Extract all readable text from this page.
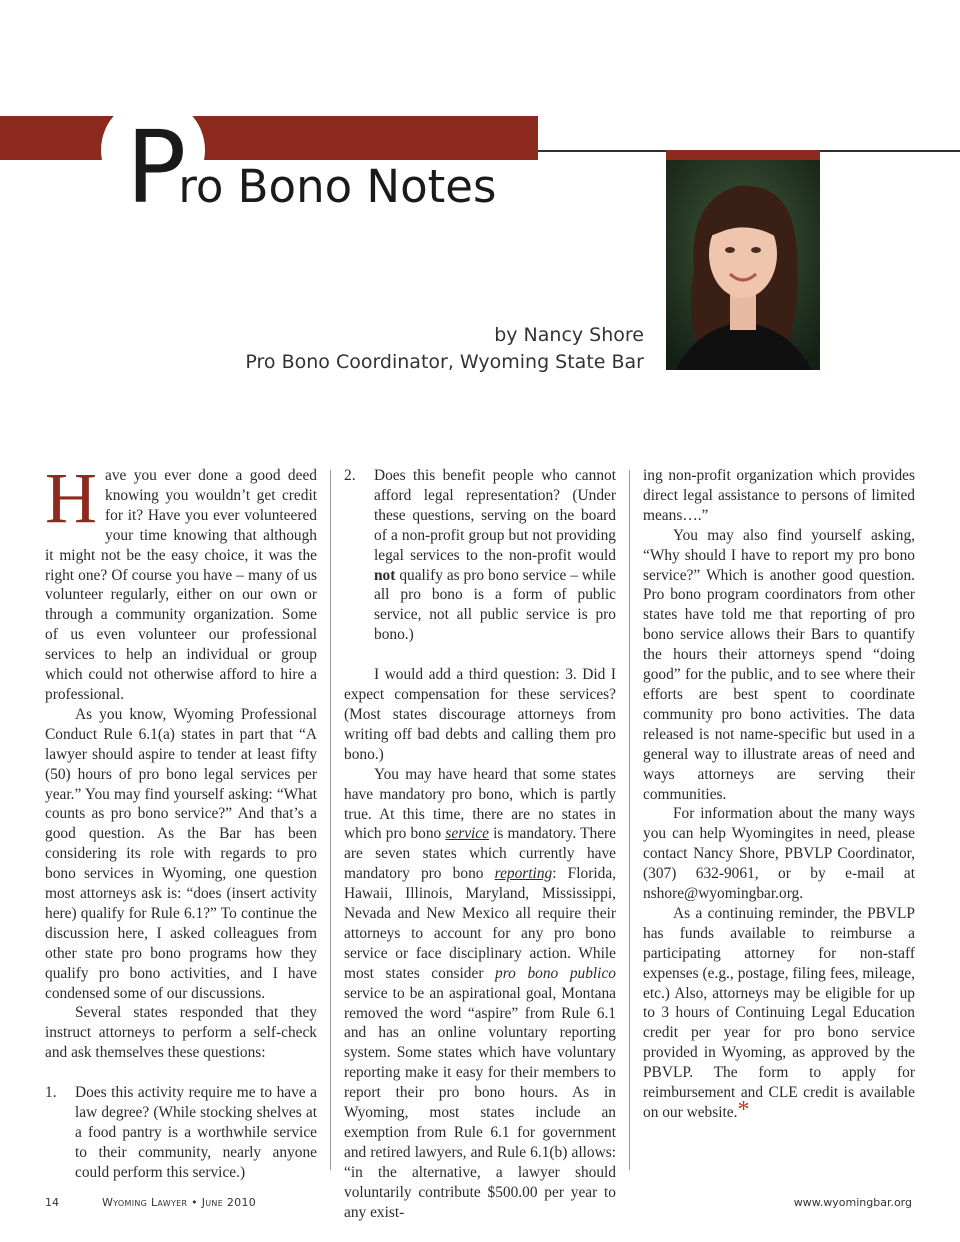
Pro Bono Notes
by Nancy Shore
Pro Bono Coordinator, Wyoming State Bar

Have you ever done a good deed knowing you wouldn’t get credit for it? Have you ever volunteered your time knowing that although it might not be the easy choice, it was the right one? Of course you have – many of us volunteer regularly, either on our own or through a community organization. Some of us even volunteer our professional services to help an individual or group which could not otherwise afford to hire a professional.

As you know, Wyoming Professional Conduct Rule 6.1(a) states in part that “A lawyer should aspire to tender at least fifty (50) hours of pro bono legal services per year.” You may find yourself asking: “What counts as pro bono service?” And that’s a good question. As the Bar has been considering its role with regards to pro bono services in Wyoming, one question most attorneys ask is: “does (insert activity here) qualify for Rule 6.1?” To continue the discussion here, I asked colleagues from other state pro bono programs how they qualify pro bono activities, and I have condensed some of our discussions.

Several states responded that they instruct attorneys to perform a self-check and ask themselves these questions:

1.	Does this activity require me to have a law degree? (While stocking shelves at a food pantry is a worthwhile service to their community, nearly anyone could perform this service.)
2.	Does this benefit people who cannot afford legal representation? (Under these questions, serving on the board of a non-profit group but not providing legal services to the non-profit would not qualify as pro bono service – while all pro bono is a form of public service, not all public service is pro bono.)

I would add a third question: 3. Did I expect compensation for these services? (Most states discourage attorneys from writing off bad debts and calling them pro bono.)

You may have heard that some states have mandatory pro bono, which is partly true. At this time, there are no states in which pro bono service is mandatory. There are seven states which currently have mandatory pro bono reporting: Florida, Hawaii, Illinois, Maryland, Mississippi, Nevada and New Mexico all require their attorneys to account for any pro bono service or face disciplinary action. While most states consider pro bono publico service to be an aspirational goal, Montana removed the word “aspire” from Rule 6.1 and has an online voluntary reporting system. Some states which have voluntary reporting make it easy for their members to report their pro bono hours. As in Wyoming, most states include an exemption from Rule 6.1 for government and retired lawyers, and Rule 6.1(b) allows: “in the alternative, a lawyer should voluntarily contribute $500.00 per year to any exist-

ing non-profit organization which provides direct legal assistance to persons of limited means….”

You may also find yourself asking, “Why should I have to report my pro bono service?” Which is another good question. Pro bono program coordinators from other states have told me that reporting of pro bono service allows their Bars to quantify the hours their attorneys spend “doing good” for the public, and to see where their efforts are best spent to coordinate community pro bono activities. The data released is not name-specific but used in a general way to illustrate areas of need and ways attorneys are serving their communities.

For information about the many ways you can help Wyomingites in need, please contact Nancy Shore, PBVLP Coordinator, (307) 632-9061, or by e-mail at nshore@wyomingbar.org.

As a continuing reminder, the PBVLP has funds available to reimburse a participating attorney for non-staff expenses (e.g., postage, filing fees, mileage, etc.) Also, attorneys may be eligible for up to 3 hours of Continuing Legal Education credit per year for pro bono service provided in Wyoming, as approved by the PBVLP. The form to apply for reimbursement and CLE credit is available on our website.*

14	Wyoming Lawyer • June 2010	www.wyomingbar.org
